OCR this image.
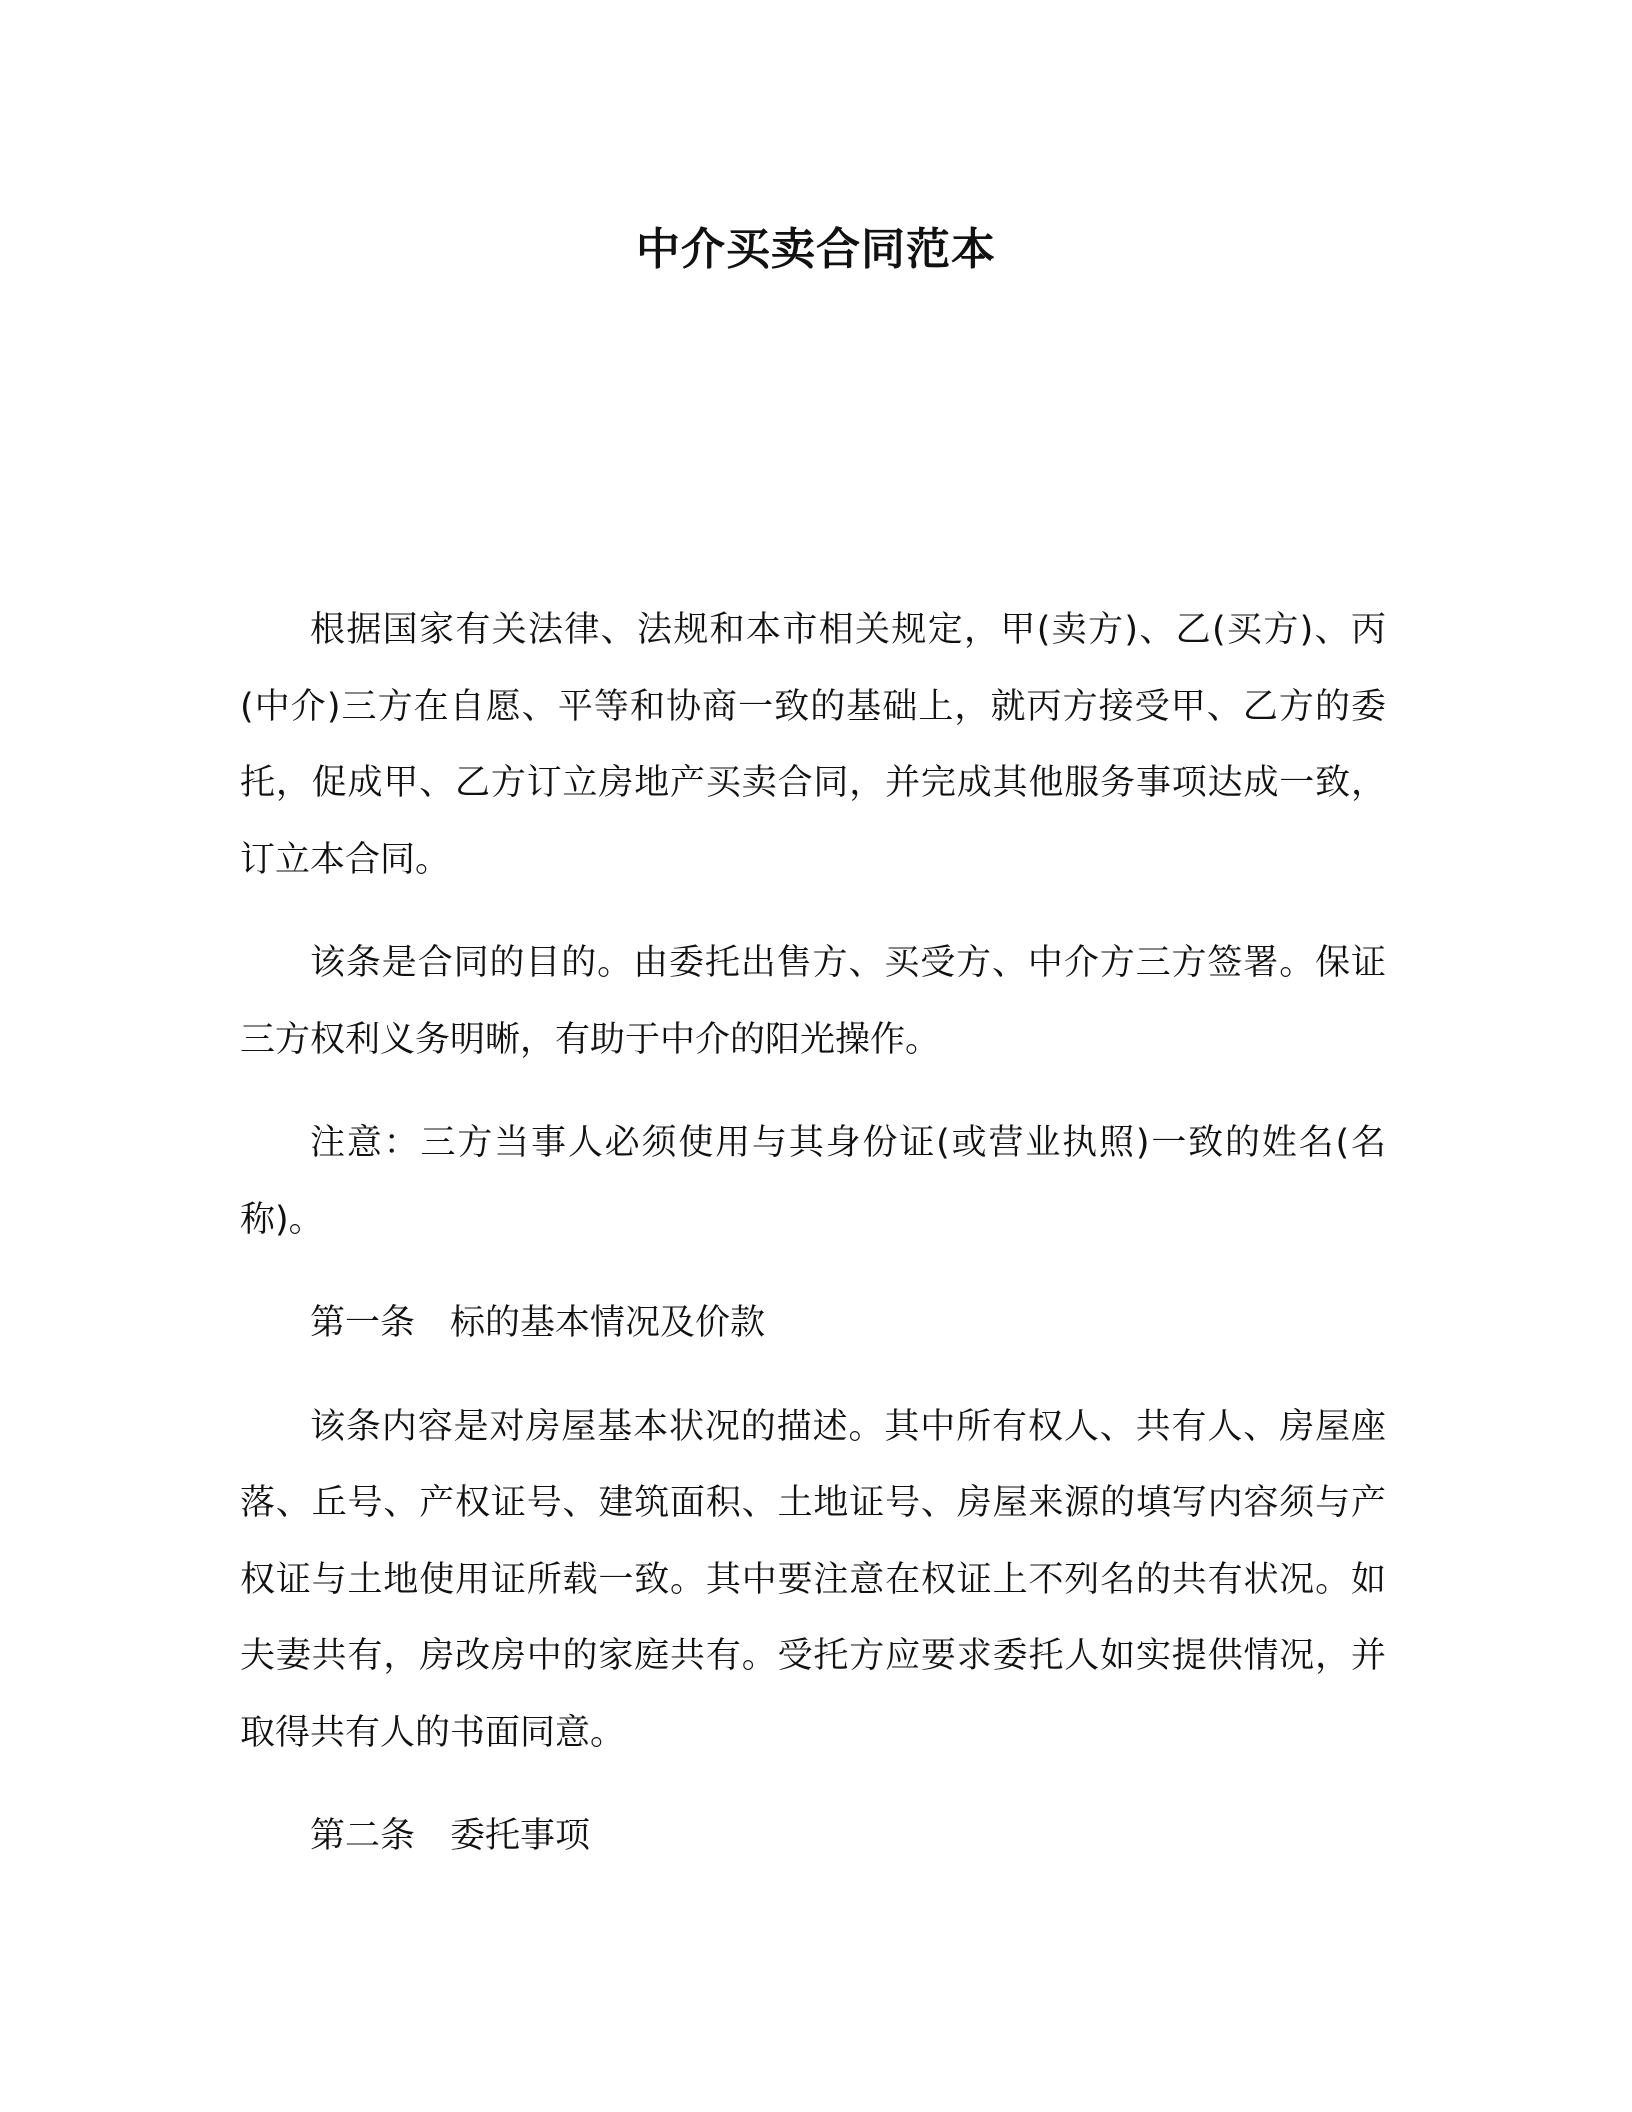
中介买卖合同范本

根据国家有关法律、法规和本市相关规定，甲(卖方)、乙(买方)、丙(中介)三方在自愿、平等和协商一致的基础上，就丙方接受甲、乙方的委托，促成甲、乙方订立房地产买卖合同，并完成其他服务事项达成一致，订立本合同。

该条是合同的目的。由委托出售方、买受方、中介方三方签署。保证三方权利义务明晰，有助于中介的阳光操作。

注意：三方当事人必须使用与其身份证(或营业执照)一致的姓名(名称)。

第一条　标的基本情况及价款

该条内容是对房屋基本状况的描述。其中所有权人、共有人、房屋座落、丘号、产权证号、建筑面积、土地证号、房屋来源的填写内容须与产权证与土地使用证所载一致。其中要注意在权证上不列名的共有状况。如夫妻共有，房改房中的家庭共有。受托方应要求委托人如实提供情况，并取得共有人的书面同意。

第二条　委托事项
